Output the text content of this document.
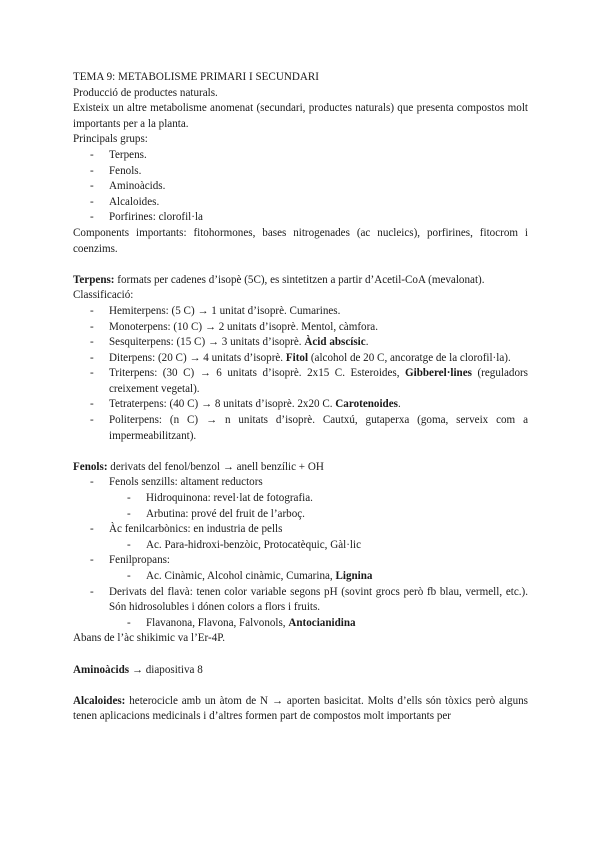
TEMA 9: METABOLISME PRIMARI I SECUNDARI

Producció de productes naturals.

Existeix un altre metabolisme anomenat (secundari, productes naturals) que presenta compostos molt importants per a la planta.

Principals grups:

- Terpens.

- Fenols.

- Aminoàcids.

- Alcaloides.

- Porfirines: clorofil·la

Components importants: fitohormones, bases nitrogenades (ac nucleics), porfirines, fitocrom i coenzims.

Terpens: formats per cadenes d’isopè (5C), es sintetitzen a partir d’Acetil-CoA (mevalonat).

Classificació:

- Hemiterpens: (5 C) → 1 unitat d’isoprè. Cumarines.

- Monoterpens: (10 C) → 2 unitats d’isoprè. Mentol, càmfora.

- Sesquiterpens: (15 C) → 3 unitats d’isoprè. Àcid abscísic.

- Diterpens: (20 C) → 4 unitats d’isoprè. Fitol (alcohol de 20 C, ancoratge de la clorofil·la).

- Triterpens: (30 C) → 6 unitats d’isoprè. 2x15 C. Esteroides, Gibberel·lines (reguladors creixement vegetal).

- Tetraterpens: (40 C) → 8 unitats d’isoprè. 2x20 C. Carotenoides.

- Politerpens: (n C) → n unitats d’isoprè. Cautxú, gutaperxa (goma, serveix com a impermeabilitzant).

Fenols: derivats del fenol/benzol → anell benzílic + OH

- Fenols senzills: altament reductors

- Hidroquinona: revel·lat de fotografia.

- Arbutina: prové del fruit de l’arboç.

- Àc fenilcarbònics: en industria de pells

- Ac. Para-hidroxi-benzòic, Protocatèquic, Gàl·lic

- Fenilpropans:

- Ac. Cinàmic, Alcohol cinàmic, Cumarina, Lignina

- Derivats del flavà: tenen color variable segons pH (sovint grocs però fb blau, vermell, etc.). Són hidrosolubles i dónen colors a flors i fruits.

- Flavanona, Flavona, Falvonols, Antocianidina

Abans de l’àc shikimic va l’Er-4P.

Aminoàcids → diapositiva 8

Alcaloides: heterocicle amb un àtom de N → aporten basicitat. Molts d’ells són tòxics però alguns tenen aplicacions medicinals i d’altres formen part de compostos molt importants per
